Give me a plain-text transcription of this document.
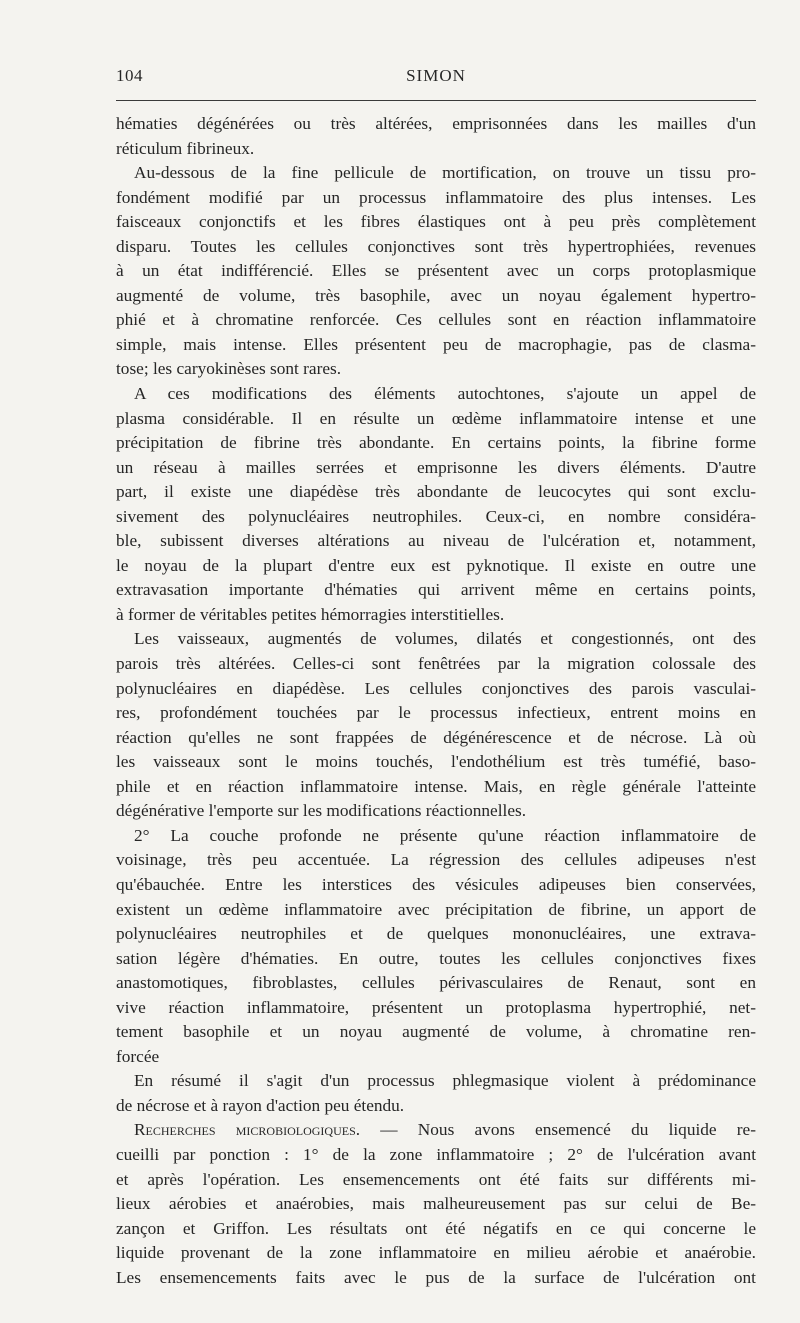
104	SIMON
hématies dégénérées ou très altérées, emprisonnées dans les mailles d'un
réticulum fibrineux.
Au-dessous de la fine pellicule de mortification, on trouve un tissu pro-
fondément modifié par un processus inflammatoire des plus intenses. Les
faisceaux conjonctifs et les fibres élastiques ont à peu près complètement
disparu. Toutes les cellules conjonctives sont très hypertrophiées, revenues
à un état indifférencié. Elles se présentent avec un corps protoplasmique
augmenté de volume, très basophile, avec un noyau également hypertro-
phié et à chromatine renforcée. Ces cellules sont en réaction inflammatoire
simple, mais intense. Elles présentent peu de macrophagie, pas de clasma-
tose; les caryokinèses sont rares.
A ces modifications des éléments autochtones, s'ajoute un appel de
plasma considérable. Il en résulte un œdème inflammatoire intense et une
précipitation de fibrine très abondante. En certains points, la fibrine forme
un réseau à mailles serrées et emprisonne les divers éléments. D'autre
part, il existe une diapédèse très abondante de leucocytes qui sont exclu-
sivement des polynucléaires neutrophiles. Ceux-ci, en nombre considéra-
ble, subissent diverses altérations au niveau de l'ulcération et, notamment,
le noyau de la plupart d'entre eux est pyknotique. Il existe en outre une
extravasation importante d'hématies qui arrivent même en certains points,
à former de véritables petites hémorragies interstitielles.
Les vaisseaux, augmentés de volumes, dilatés et congestionnés, ont des
parois très altérées. Celles-ci sont fenêtrées par la migration colossale des
polynucléaires en diapédèse. Les cellules conjonctives des parois vasculai-
res, profondément touchées par le processus infectieux, entrent moins en
réaction qu'elles ne sont frappées de dégénérescence et de nécrose. Là où
les vaisseaux sont le moins touchés, l'endothélium est très tuméfié, baso-
phile et en réaction inflammatoire intense. Mais, en règle générale l'atteinte
dégénérative l'emporte sur les modifications réactionnelles.
2° La couche profonde ne présente qu'une réaction inflammatoire de
voisinage, très peu accentuée. La régression des cellules adipeuses n'est
qu'ébauchée. Entre les interstices des vésicules adipeuses bien conservées,
existent un œdème inflammatoire avec précipitation de fibrine, un apport de
polynucléaires neutrophiles et de quelques mononucléaires, une extrava-
sation légère d'hématies. En outre, toutes les cellules conjonctives fixes
anastomotiques, fibroblastes, cellules périvasculaires de Renaut, sont en
vive réaction inflammatoire, présentent un protoplasma hypertrophié, net-
tement basophile et un noyau augmenté de volume, à chromatine ren-
forcée
En résumé il s'agit d'un processus phlegmasique violent à prédominance
de nécrose et à rayon d'action peu étendu.
Recherches microbiologiques. — Nous avons ensemencé du liquide re-
cueilli par ponction : 1° de la zone inflammatoire ; 2° de l'ulcération avant
et après l'opération. Les ensemencements ont été faits sur différents mi-
lieux aérobies et anaérobies, mais malheureusement pas sur celui de Be-
zançon et Griffon. Les résultats ont été négatifs en ce qui concerne le
liquide provenant de la zone inflammatoire en milieu aérobie et anaérobie.
Les ensemencements faits avec le pus de la surface de l'ulcération ont
